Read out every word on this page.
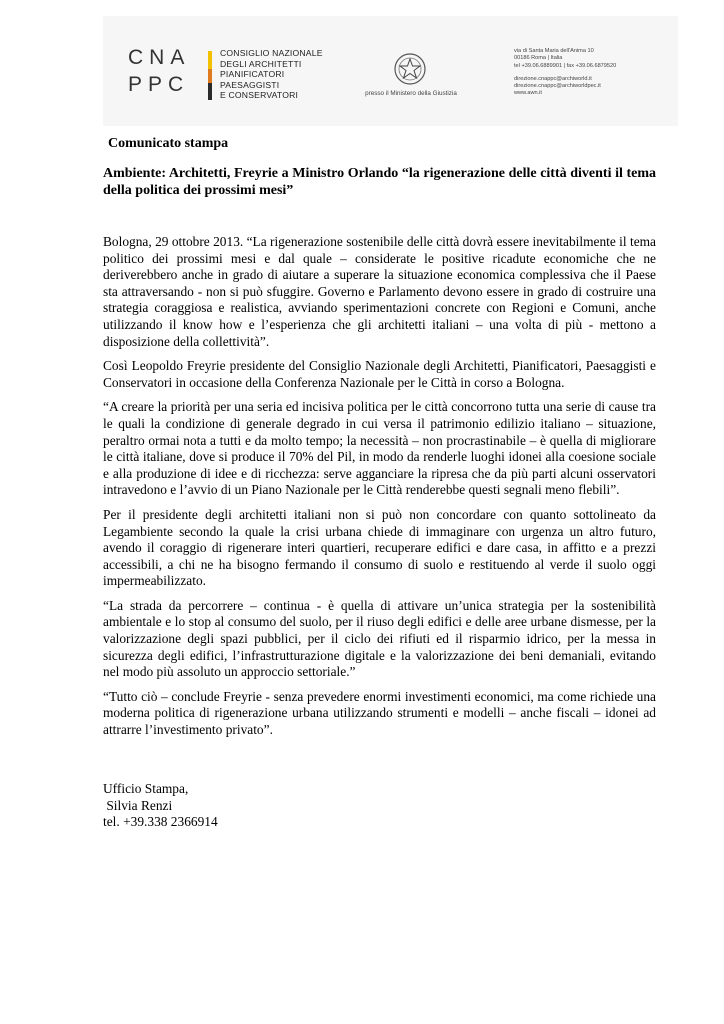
CNA
PPC
CONSIGLIO NAZIONALE
DEGLI ARCHITETTI
PIANIFICATORI
PAESAGGISTI
E CONSERVATORI	presso il Ministero della Giustizia
via di Santa Maria dell'Anima 10
00186 Roma | Italia
tel +39.06.6889901 | fax +39.06.6879520
direzione.cnappc@archiworld.it
direzione.cnappc@archiworldpec.it
www.awn.it
Comunicato stampa
Ambiente: Architetti, Freyrie a Ministro Orlando “la rigenerazione delle città diventi il tema della politica dei prossimi mesi”

Bologna, 29 ottobre 2013. “La rigenerazione sostenibile delle città dovrà essere inevitabilmente il tema politico dei prossimi mesi e dal quale – considerate le positive ricadute economiche che ne deriverebbero anche in grado di aiutare a superare la situazione economica complessiva che il Paese sta attraversando - non si può sfuggire. Governo e Parlamento devono essere in grado di costruire una strategia coraggiosa e realistica, avviando sperimentazioni concrete con Regioni e Comuni, anche utilizzando il know how e l’esperienza che gli architetti italiani – una volta di più - mettono a disposizione della collettività”.

Così Leopoldo Freyrie presidente del Consiglio Nazionale degli Architetti, Pianificatori, Paesaggisti e Conservatori in occasione della Conferenza Nazionale per le Città in corso a Bologna.

“A creare la priorità per una seria ed incisiva politica per le città concorrono tutta una serie di cause tra le quali la condizione di generale degrado in cui versa il patrimonio edilizio italiano – situazione, peraltro ormai nota a tutti e da molto tempo; la necessità – non procrastinabile – è quella di migliorare le città italiane, dove si produce il 70% del Pil, in modo da renderle luoghi idonei alla coesione sociale e alla produzione di idee e di ricchezza: serve agganciare la ripresa che da più parti alcuni osservatori intravedono e l’avvio di un Piano Nazionale per le Città renderebbe questi segnali meno flebili”.

Per il presidente degli architetti italiani non si può non concordare con quanto sottolineato da Legambiente secondo la quale la crisi urbana chiede di immaginare con urgenza un altro futuro, avendo il coraggio di rigenerare interi quartieri, recuperare edifici e dare casa, in affitto e a prezzi accessibili, a chi ne ha bisogno fermando il consumo di suolo e restituendo al verde il suolo oggi impermeabilizzato.

“La strada da percorrere – continua - è quella di attivare un’unica strategia per la sostenibilità ambientale e lo stop al consumo del suolo, per il riuso degli edifici e delle aree urbane dismesse, per la valorizzazione degli spazi pubblici, per il ciclo dei rifiuti ed il risparmio idrico, per la messa in sicurezza degli edifici, l’infrastrutturazione digitale e la valorizzazione dei beni demaniali, evitando nel modo più assoluto un approccio settoriale.”

“Tutto ciò – conclude Freyrie - senza prevedere enormi investimenti economici, ma come richiede una moderna politica di rigenerazione urbana utilizzando strumenti e modelli – anche fiscali – idonei ad attrarre l’investimento privato”.

Ufficio Stampa,
Silvia Renzi
tel. +39.338 2366914
